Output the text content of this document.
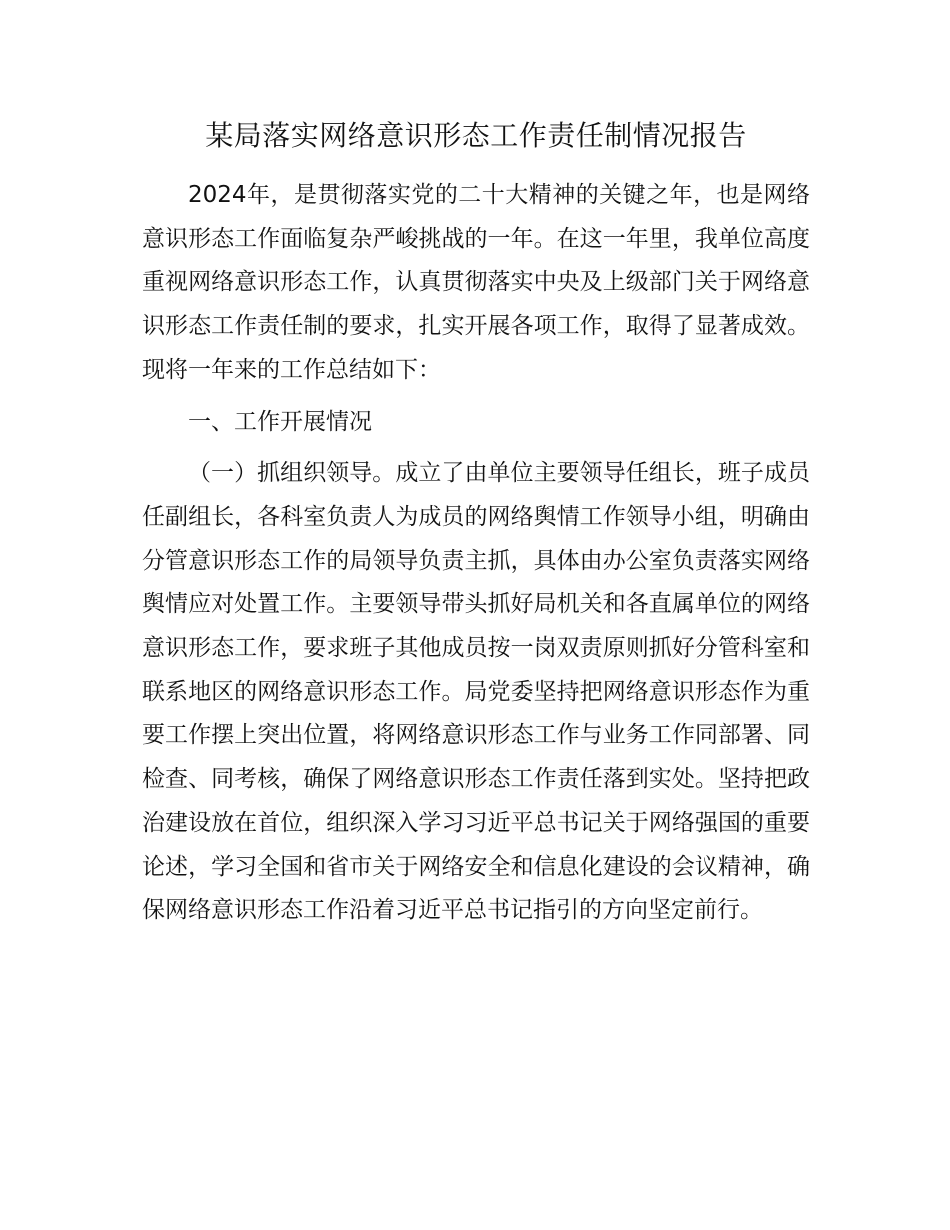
某局落实网络意识形态工作责任制情况报告

2024年，是贯彻落实党的二十大精神的关键之年，也是网络意识形态工作面临复杂严峻挑战的一年。在这一年里，我单位高度重视网络意识形态工作，认真贯彻落实中央及上级部门关于网络意识形态工作责任制的要求，扎实开展各项工作，取得了显著成效。现将一年来的工作总结如下：

一、工作开展情况

（一）抓组织领导。成立了由单位主要领导任组长，班子成员任副组长，各科室负责人为成员的网络舆情工作领导小组，明确由分管意识形态工作的局领导负责主抓，具体由办公室负责落实网络舆情应对处置工作。主要领导带头抓好局机关和各直属单位的网络意识形态工作，要求班子其他成员按一岗双责原则抓好分管科室和联系地区的网络意识形态工作。局党委坚持把网络意识形态作为重要工作摆上突出位置，将网络意识形态工作与业务工作同部署、同检查、同考核，确保了网络意识形态工作责任落到实处。坚持把政治建设放在首位，组织深入学习习近平总书记关于网络强国的重要论述，学习全国和省市关于网络安全和信息化建设的会议精神，确保网络意识形态工作沿着习近平总书记指引的方向坚定前行。
